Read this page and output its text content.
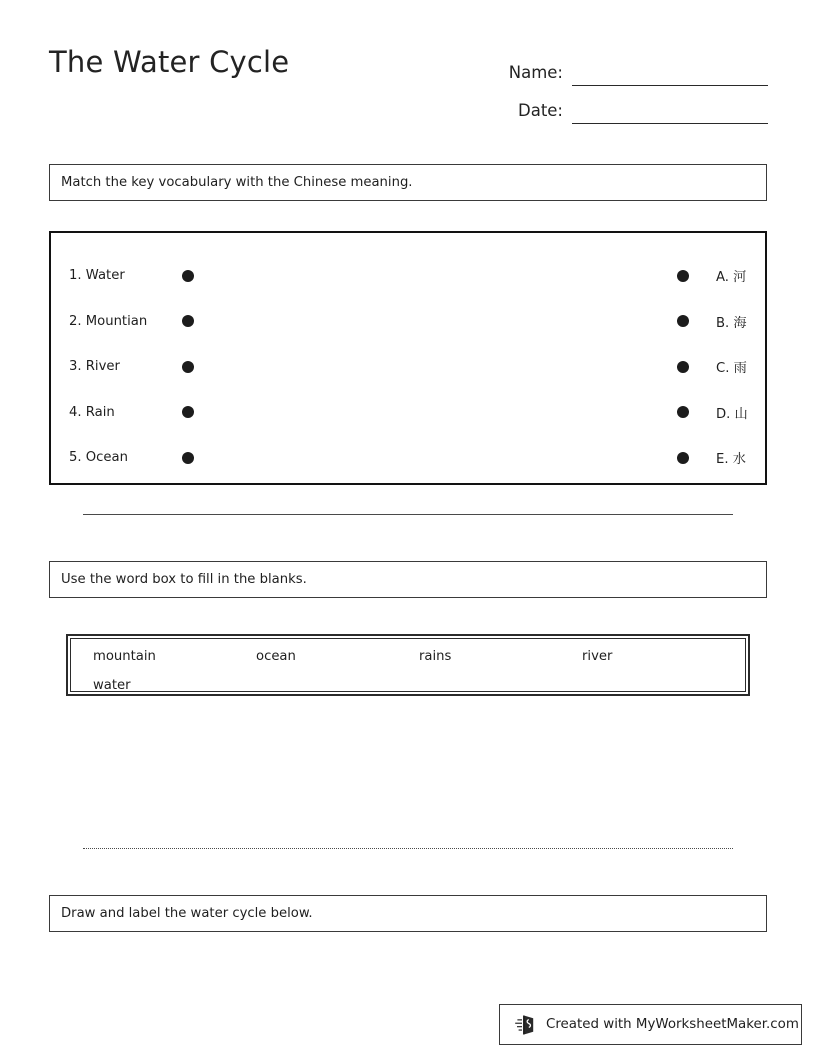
The Water Cycle	Name:
Date:
Match the key vocabulary with the Chinese meaning.
1. Water	A. 河
2. Mountian	B. 海
3. River	C. 雨
4. Rain	D. 山
5. Ocean	E. 水
Use the word box to fill in the blanks.
mountain	ocean	rains	river
water
Draw and label the water cycle below.
Created with MyWorksheetMaker.com
